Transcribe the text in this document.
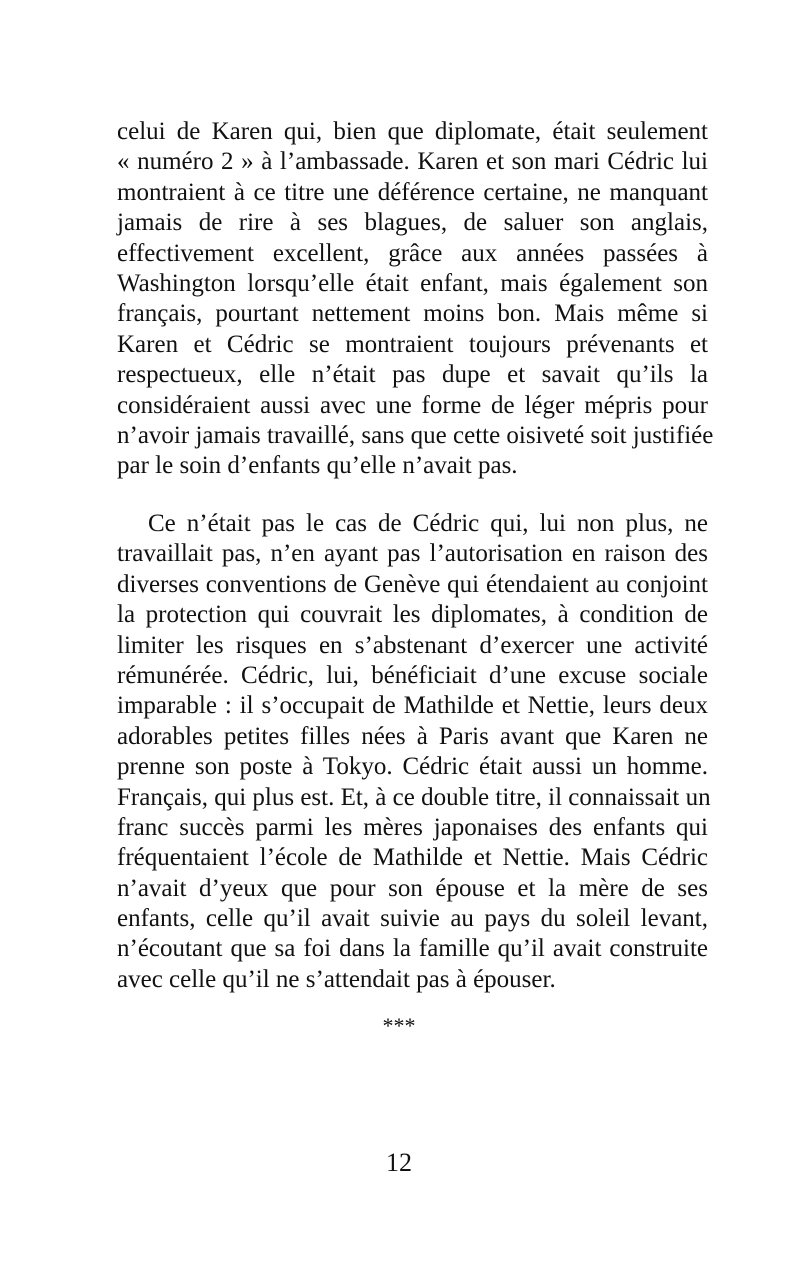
celui de Karen qui, bien que diplomate, était seulement
« numéro 2 » à l’ambassade. Karen et son mari Cédric lui
montraient à ce titre une déférence certaine, ne manquant
jamais de rire à ses blagues, de saluer son anglais,
effectivement excellent, grâce aux années passées à
Washington lorsqu’elle était enfant, mais également son
français, pourtant nettement moins bon. Mais même si
Karen et Cédric se montraient toujours prévenants et
respectueux, elle n’était pas dupe et savait qu’ils la
considéraient aussi avec une forme de léger mépris pour
n’avoir jamais travaillé, sans que cette oisiveté soit justifiée
par le soin d’enfants qu’elle n’avait pas.
Ce n’était pas le cas de Cédric qui, lui non plus, ne
travaillait pas, n’en ayant pas l’autorisation en raison des
diverses conventions de Genève qui étendaient au conjoint
la protection qui couvrait les diplomates, à condition de
limiter les risques en s’abstenant d’exercer une activité
rémunérée. Cédric, lui, bénéficiait d’une excuse sociale
imparable : il s’occupait de Mathilde et Nettie, leurs deux
adorables petites filles nées à Paris avant que Karen ne
prenne son poste à Tokyo. Cédric était aussi un homme.
Français, qui plus est. Et, à ce double titre, il connaissait un
franc succès parmi les mères japonaises des enfants qui
fréquentaient l’école de Mathilde et Nettie. Mais Cédric
n’avait d’yeux que pour son épouse et la mère de ses
enfants, celle qu’il avait suivie au pays du soleil levant,
n’écoutant que sa foi dans la famille qu’il avait construite
avec celle qu’il ne s’attendait pas à épouser.
***
12
